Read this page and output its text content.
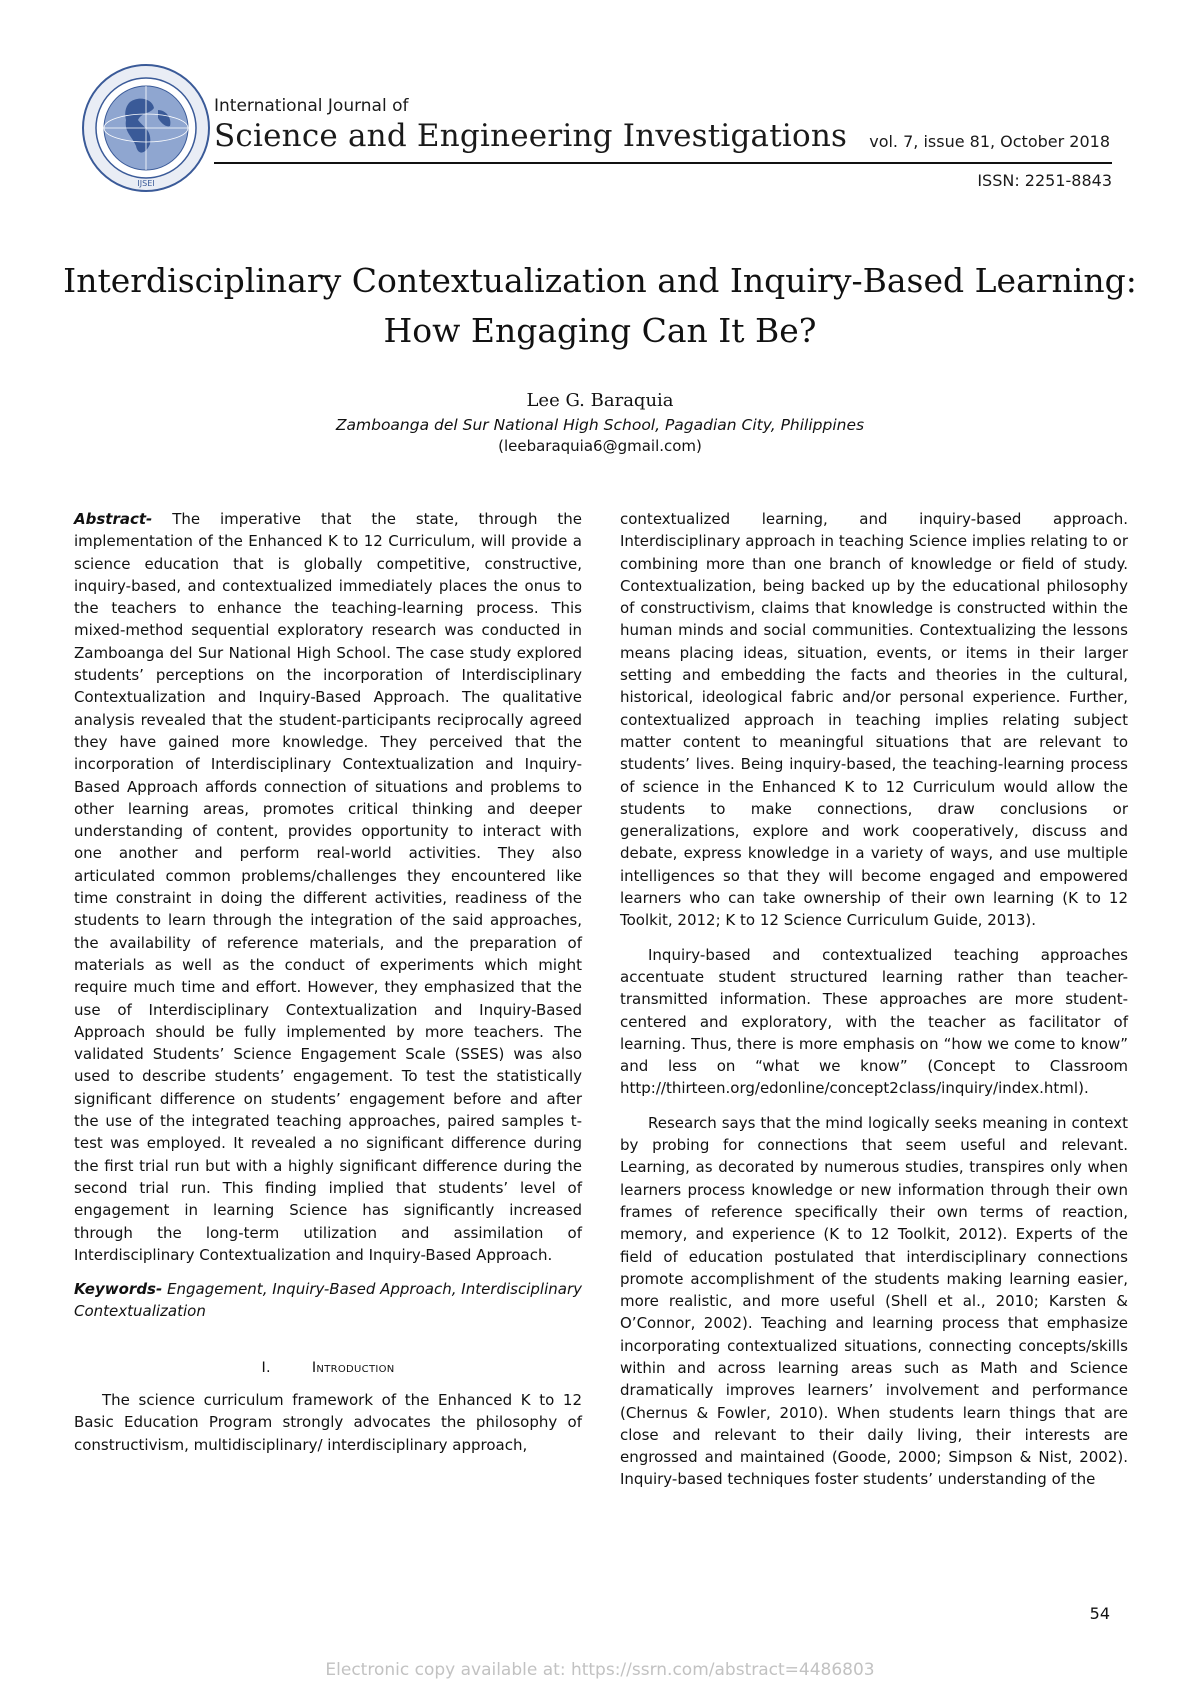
IJSEI
International Journal of
Science and Engineering Investigations	vol. 7, issue 81, October 2018
ISSN: 2251-8843
Interdisciplinary Contextualization and Inquiry-Based Learning:
How Engaging Can It Be?
Lee G. Baraquia
Zamboanga del Sur National High School, Pagadian City, Philippines
(leebaraquia6@gmail.com)

Abstract- The imperative that the state, through the implementation of the Enhanced K to 12 Curriculum, will provide a science education that is globally competitive, constructive, inquiry-based, and contextualized immediately places the onus to the teachers to enhance the teaching-learning process. This mixed-method sequential exploratory research was conducted in Zamboanga del Sur National High School. The case study explored students’ perceptions on the incorporation of Interdisciplinary Contextualization and Inquiry-Based Approach. The qualitative analysis revealed that the student-participants reciprocally agreed they have gained more knowledge. They perceived that the incorporation of Interdisciplinary Contextualization and Inquiry-Based Approach affords connection of situations and problems to other learning areas, promotes critical thinking and deeper understanding of content, provides opportunity to interact with one another and perform real-world activities. They also articulated common problems/challenges they encountered like time constraint in doing the different activities, readiness of the students to learn through the integration of the said approaches, the availability of reference materials, and the preparation of materials as well as the conduct of experiments which might require much time and effort. However, they emphasized that the use of Interdisciplinary Contextualization and Inquiry-Based Approach should be fully implemented by more teachers. The validated Students’ Science Engagement Scale (SSES) was also used to describe students’ engagement. To test the statistically significant difference on students’ engagement before and after the use of the integrated teaching approaches, paired samples t-test was employed. It revealed a no significant difference during the first trial run but with a highly significant difference during the second trial run. This finding implied that students’ level of engagement in learning Science has significantly increased through the long-term utilization and assimilation of Interdisciplinary Contextualization and Inquiry-Based Approach.

Keywords- Engagement, Inquiry-Based Approach, Interdisciplinary Contextualization

I.	Introduction

The science curriculum framework of the Enhanced K to 12 Basic Education Program strongly advocates the philosophy of constructivism, multidisciplinary/ interdisciplinary approach,

contextualized learning, and inquiry-based approach. Interdisciplinary approach in teaching Science implies relating to or combining more than one branch of knowledge or field of study. Contextualization, being backed up by the educational philosophy of constructivism, claims that knowledge is constructed within the human minds and social communities. Contextualizing the lessons means placing ideas, situation, events, or items in their larger setting and embedding the facts and theories in the cultural, historical, ideological fabric and/or personal experience. Further, contextualized approach in teaching implies relating subject matter content to meaningful situations that are relevant to students’ lives. Being inquiry-based, the teaching-learning process of science in the Enhanced K to 12 Curriculum would allow the students to make connections, draw conclusions or generalizations, explore and work cooperatively, discuss and debate, express knowledge in a variety of ways, and use multiple intelligences so that they will become engaged and empowered learners who can take ownership of their own learning (K to 12 Toolkit, 2012; K to 12 Science Curriculum Guide, 2013).

Inquiry-based and contextualized teaching approaches accentuate student structured learning rather than teacher-transmitted information. These approaches are more student-centered and exploratory, with the teacher as facilitator of learning. Thus, there is more emphasis on “how we come to know” and less on “what we know” (Concept to Classroom http://thirteen.org/edonline/concept2class/inquiry/index.html).

Research says that the mind logically seeks meaning in context by probing for connections that seem useful and relevant. Learning, as decorated by numerous studies, transpires only when learners process knowledge or new information through their own frames of reference specifically their own terms of reaction, memory, and experience (K to 12 Toolkit, 2012). Experts of the field of education postulated that interdisciplinary connections promote accomplishment of the students making learning easier, more realistic, and more useful (Shell et al., 2010; Karsten & O’Connor, 2002). Teaching and learning process that emphasize incorporating contextualized situations, connecting concepts/skills within and across learning areas such as Math and Science dramatically improves learners’ involvement and performance (Chernus & Fowler, 2010). When students learn things that are close and relevant to their daily living, their interests are engrossed and maintained (Goode, 2000; Simpson & Nist, 2002). Inquiry-based techniques foster students’ understanding of the

54
Electronic copy available at: https://ssrn.com/abstract=4486803
